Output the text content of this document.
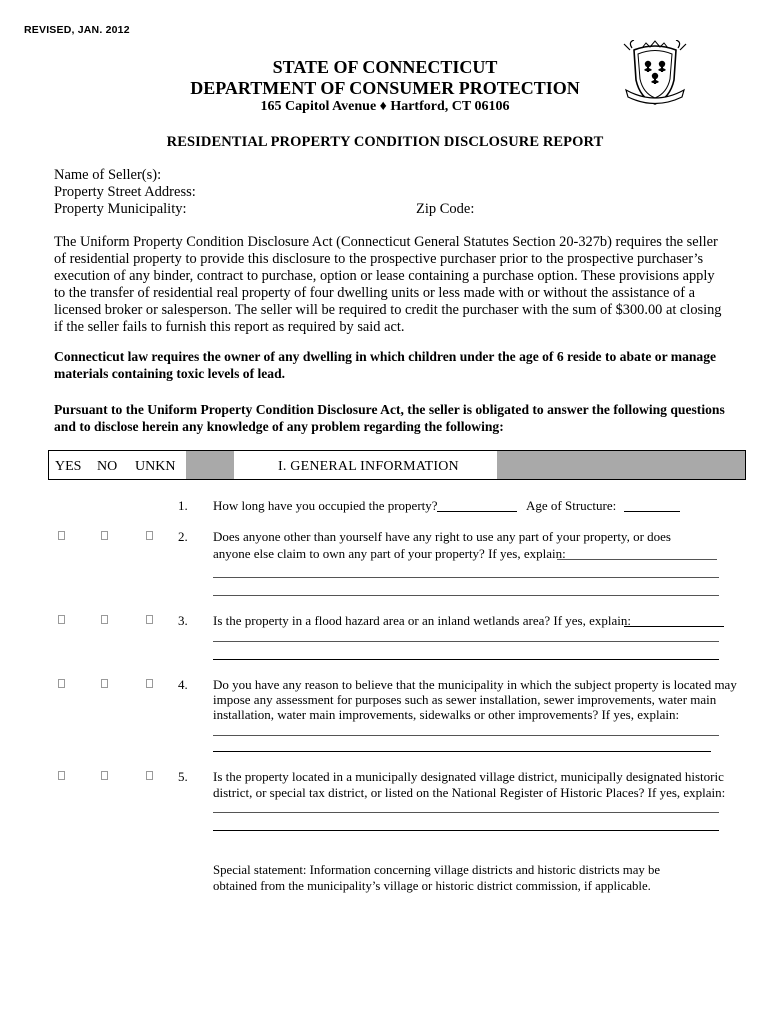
REVISED, JAN. 2012
STATE OF CONNECTICUT
DEPARTMENT OF CONSUMER PROTECTION
165 Capitol Avenue ♦ Hartford, CT 06106
RESIDENTIAL PROPERTY CONDITION DISCLOSURE REPORT
Name of Seller(s):
Property Street Address:
Property Municipality:	Zip Code:
The Uniform Property Condition Disclosure Act (Connecticut General Statutes Section 20-327b) requires the seller of residential property to provide this disclosure to the prospective purchaser prior to the prospective purchaser’s execution of any binder, contract to purchase, option or lease containing a purchase option. These provisions apply to the transfer of residential real property of four dwelling units or less made with or without the assistance of a licensed broker or salesperson. The seller will be required to credit the purchaser with the sum of $300.00 at closing if the seller fails to furnish this report as required by said act.
Connecticut law requires the owner of any dwelling in which children under the age of 6 reside to abate or manage materials containing toxic levels of lead.
Pursuant to the Uniform Property Condition Disclosure Act, the seller is obligated to answer the following questions and to disclose herein any knowledge of any problem regarding the following:
YES NO UNKN	I. GENERAL INFORMATION
1. How long have you occupied the property?	Age of Structure:
2. Does anyone other than yourself have any right to use any part of your property, or does
anyone else claim to own any part of your property? If yes, explain:
3. Is the property in a flood hazard area or an inland wetlands area? If yes, explain:
4. Do you have any reason to believe that the municipality in which the subject property is located may
impose any assessment for purposes such as sewer installation, sewer improvements, water main
installation, water main improvements, sidewalks or other improvements? If yes, explain:
5. Is the property located in a municipally designated village district, municipally designated historic
district, or special tax district, or listed on the National Register of Historic Places? If yes, explain:
Special statement: Information concerning village districts and historic districts may be obtained from the municipality’s village or historic district commission, if applicable.
